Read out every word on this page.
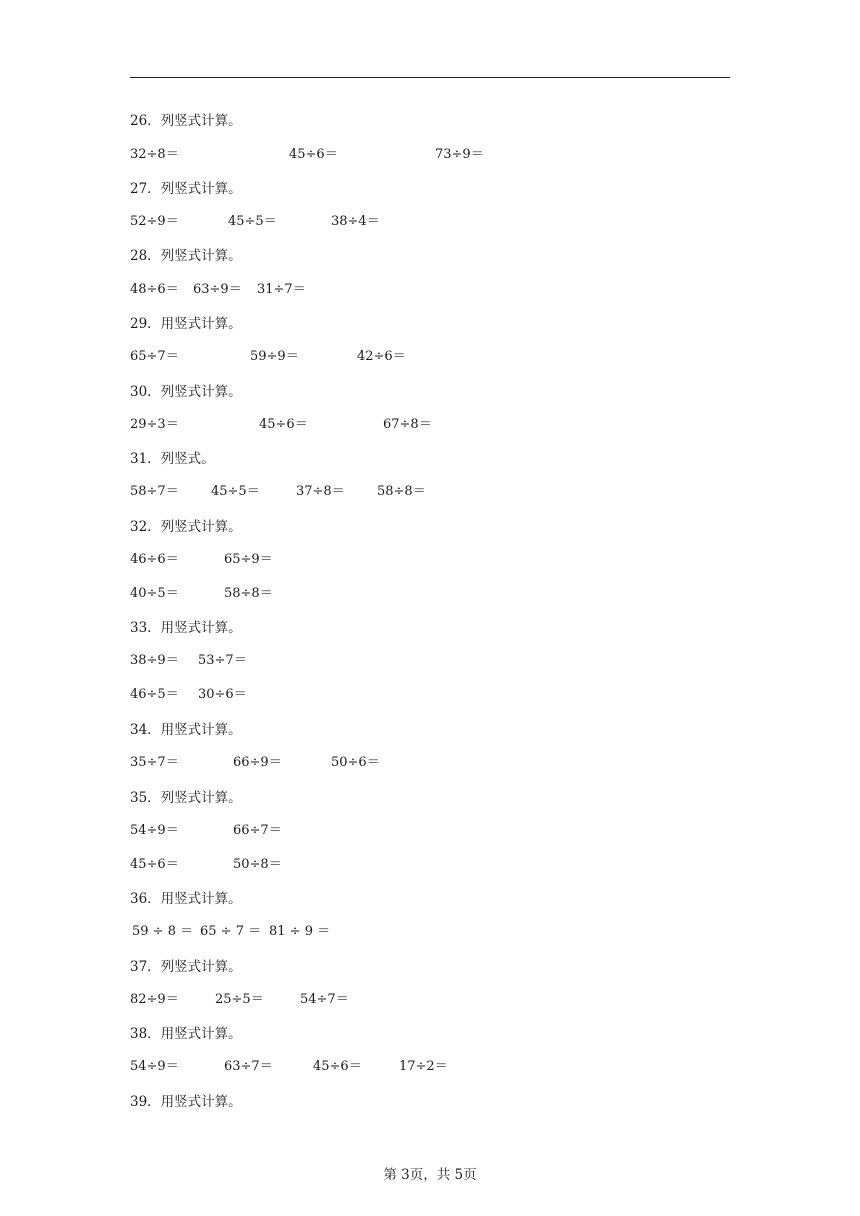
26．列竖式计算。
32÷8＝	45÷6＝	73÷9＝
27．列竖式计算。
52÷9＝	45÷5＝	38÷4＝
28．列竖式计算。
48÷6＝ 63÷9＝ 31÷7＝
29．用竖式计算。
65÷7＝	59÷9＝	42÷6＝
30．列竖式计算。
29÷3＝	45÷6＝	67÷8＝
31．列竖式。
58÷7＝ 45÷5＝	37÷8＝ 58÷8＝
32．列竖式计算。
46÷6＝	65÷9＝
40÷5＝	58÷8＝
33．用竖式计算。
38÷9＝ 53÷7＝
46÷5＝ 30÷6＝
34．用竖式计算。
35÷7＝	66÷9＝	50÷6＝
35．列竖式计算。
54÷9＝	66÷7＝
45÷6＝	50÷8＝
36．用竖式计算。
59 ÷ 8 ＝ 65 ÷ 7 ＝ 81 ÷ 9 ＝
37．列竖式计算。
82÷9＝	25÷5＝	54÷7＝
38．用竖式计算。
54÷9＝	63÷7＝	45÷6＝	17÷2＝
39．用竖式计算。
第 3页，共 5页
